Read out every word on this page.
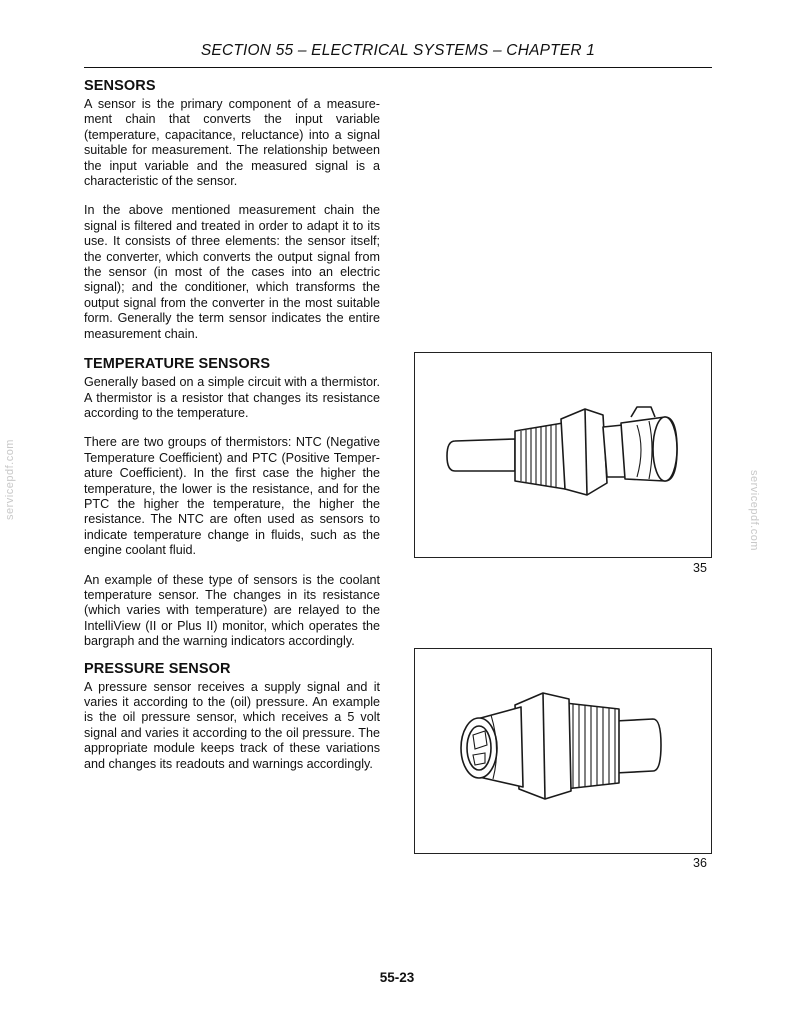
SECTION 55 – ELECTRICAL SYSTEMS – CHAPTER 1
SENSORS

A sensor is the primary component of a measure-ment chain that converts the input variable (temperature, capacitance, reluctance) into a signal suitable for measurement. The relationship between the input variable and the measured signal is a characteristic of the sensor.

In the above mentioned measurement chain the signal is filtered and treated in order to adapt it to its use. It consists of three elements: the sensor itself; the converter, which converts the output signal from the sensor (in most of the cases into an electric signal); and the conditioner, which transforms the output signal from the converter in the most suitable form. Generally the term sensor indicates the entire measurement chain.

TEMPERATURE SENSORS

Generally based on a simple circuit with a thermistor. A thermistor is a resistor that changes its resistance according to the temperature.

There are two groups of thermistors: NTC (Negative Temperature Coefficient) and PTC (Positive Temper-ature Coefficient). In the first case the higher the temperature, the lower is the resistance, and for the PTC the higher the temperature, the higher the resistance. The NTC are often used as sensors to indicate temperature change in fluids, such as the engine coolant fluid.

An example of these type of sensors is the coolant temperature sensor. The changes in its resistance (which varies with temperature) are relayed to the IntelliView (II or Plus II) monitor, which operates the bargraph and the warning indicators accordingly.

PRESSURE SENSOR

A pressure sensor receives a supply signal and it varies it according to the (oil) pressure. An example is the oil pressure sensor, which receives a 5 volt signal and varies it according to the oil pressure. The appropriate module keeps track of these variations and changes its readouts and warnings accordingly.

35
36
servicepdf.com	servicepdf.com
55-23
